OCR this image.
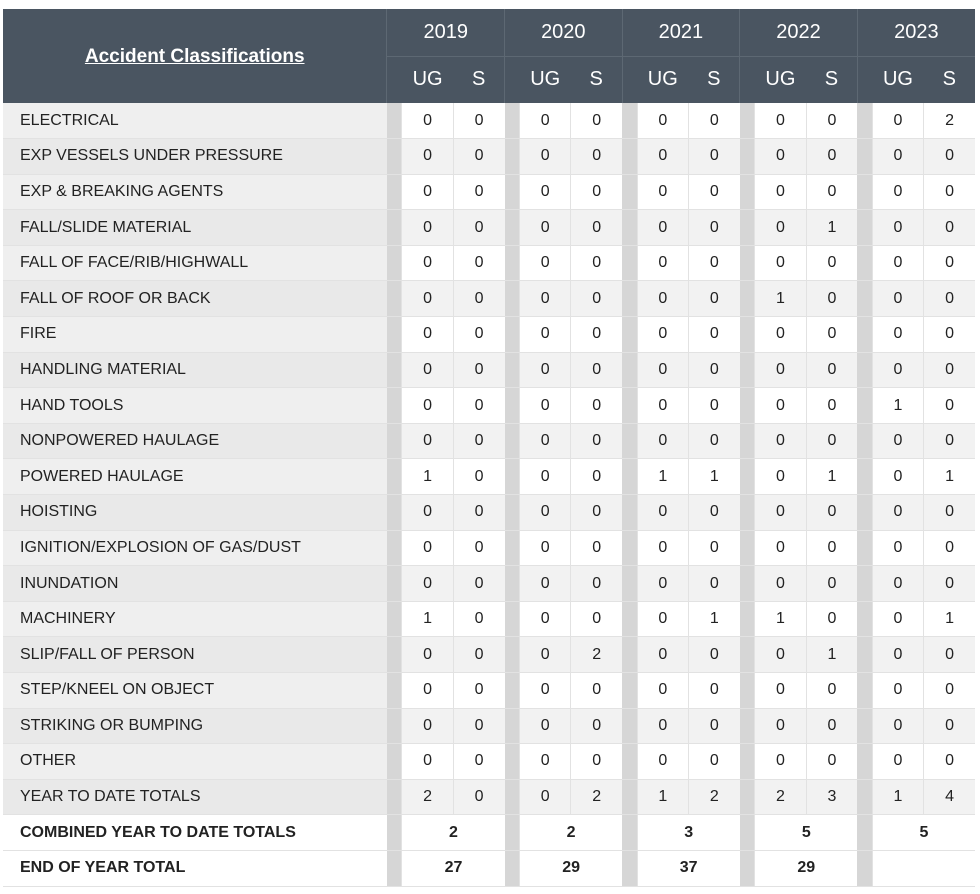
Accident Classifications	2019			2020			2021			2022			2023		
		UG	S		UG	S		UG	S		UG	S		UG	S
ELECTRICAL		0	0		0	0		0	0		0	0		0	2
EXP VESSELS UNDER PRESSURE		0	0		0	0		0	0		0	0		0	0
EXP & BREAKING AGENTS		0	0		0	0		0	0		0	0		0	0
FALL/SLIDE MATERIAL		0	0		0	0		0	0		0	1		0	0
FALL OF FACE/RIB/HIGHWALL		0	0		0	0		0	0		0	0		0	0
FALL OF ROOF OR BACK		0	0		0	0		0	0		1	0		0	0
FIRE		0	0		0	0		0	0		0	0		0	0
HANDLING MATERIAL		0	0		0	0		0	0		0	0		0	0
HAND TOOLS		0	0		0	0		0	0		0	0		1	0
NONPOWERED HAULAGE		0	0		0	0		0	0		0	0		0	0
POWERED HAULAGE		1	0		0	0		1	1		0	1		0	1
HOISTING		0	0		0	0		0	0		0	0		0	0
IGNITION/EXPLOSION OF GAS/DUST		0	0		0	0		0	0		0	0		0	0
INUNDATION		0	0		0	0		0	0		0	0		0	0
MACHINERY		1	0		0	0		0	1		1	0		0	1
SLIP/FALL OF PERSON		0	0		0	2		0	0		0	1		0	0
STEP/KNEEL ON OBJECT		0	0		0	0		0	0		0	0		0	0
STRIKING OR BUMPING		0	0		0	0		0	0		0	0		0	0
OTHER		0	0		0	0		0	0		0	0		0	0
YEAR TO DATE TOTALS		2	0		0	2		1	2		2	3		1	4
COMBINED YEAR TO DATE TOTALS		2			2			3			5			5	
END OF YEAR TOTAL		27			29			37			29				
